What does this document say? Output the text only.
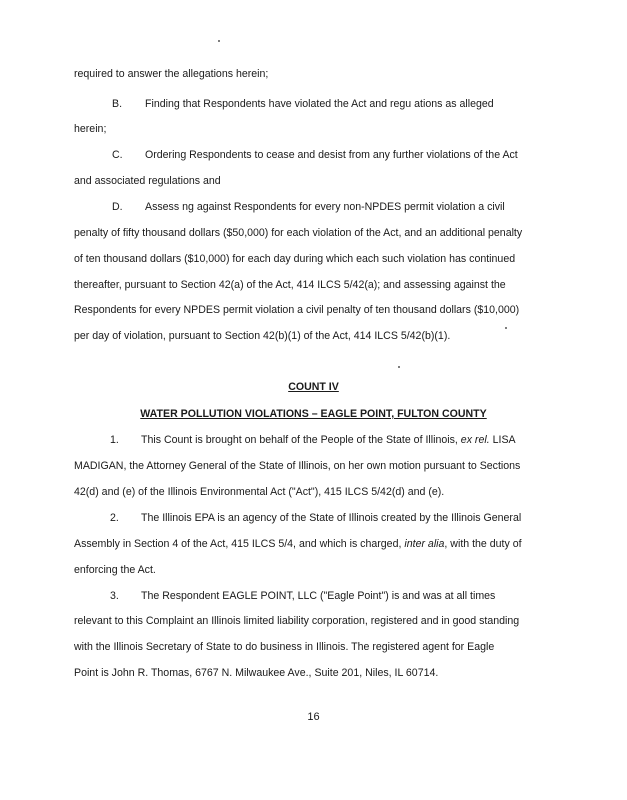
required to answer the allegations herein;
B. Finding that Respondents have violated the Act and regu ations as alleged
herein;
C. Ordering Respondents to cease and desist from any further violations of the Act
and associated regulations and
D. Assess ng against Respondents for every non-NPDES permit violation a civil
penalty of fifty thousand dollars ($50,000) for each violation of the Act, and an additional penalty
of ten thousand dollars ($10,000) for each day during which each such violation has continued
thereafter, pursuant to Section 42(a) of the Act, 414 ILCS 5/42(a); and assessing against the
Respondents for every NPDES permit violation a civil penalty of ten thousand dollars ($10,000)
per day of violation, pursuant to Section 42(b)(1) of the Act, 414 ILCS 5/42(b)(1).
COUNT IV
WATER POLLUTION VIOLATIONS – EAGLE POINT, FULTON COUNTY
1. This Count is brought on behalf of the People of the State of Illinois, ex rel. LISA
MADIGAN, the Attorney General of the State of Illinois, on her own motion pursuant to Sections
42(d) and (e) of the Illinois Environmental Act ("Act"), 415 ILCS 5/42(d) and (e).
2. The Illinois EPA is an agency of the State of Illinois created by the Illinois General
Assembly in Section 4 of the Act, 415 ILCS 5/4, and which is charged, inter alia, with the duty of
enforcing the Act.
3. The Respondent EAGLE POINT, LLC ("Eagle Point") is and was at all times
relevant to this Complaint an Illinois limited liability corporation, registered and in good standing
with the Illinois Secretary of State to do business in Illinois. The registered agent for Eagle
Point is John R. Thomas, 6767 N. Milwaukee Ave., Suite 201, Niles, IL 60714.
16
